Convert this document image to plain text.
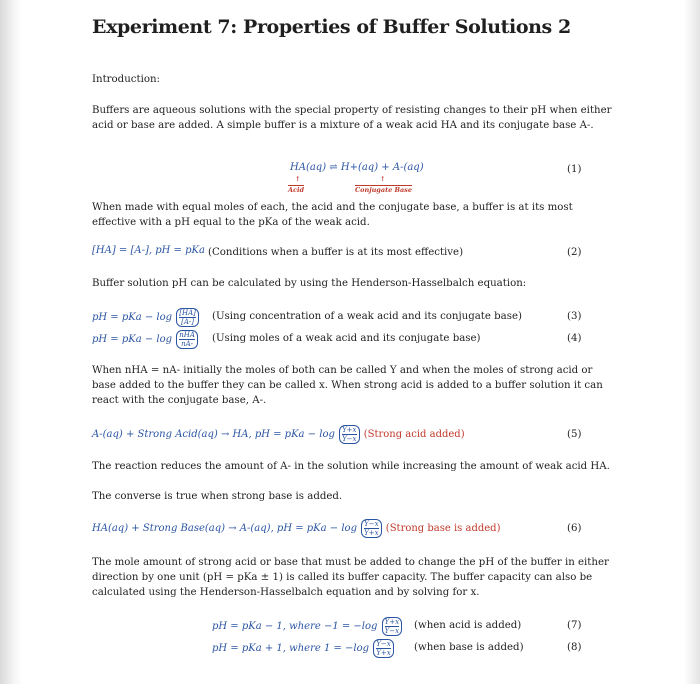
Experiment 7: Properties of Buffer Solutions 2
Introduction:
Buffers are aqueous solutions with the special property of resisting changes to their pH when either acid or base are added. A simple buffer is a mixture of a weak acid HA and its conjugate base A-.
HA(aq) ⇌ H+(aq) + A-(aq)
↑
Acid
↑
Conjugate Base
(1)
When made with equal moles of each, the acid and the conjugate base, a buffer is at its most effective with a pH equal to the pKa of the weak acid.
[HA] = [A-], pH = pKa (Conditions when a buffer is at its most effective)	(2)
Buffer solution pH can be calculated by using the Henderson-Hasselbalch equation:
pH = pKa − $\log \frac{[HA]}{[A-]} (Using$ concentration of a weak acid and its conjugate base)	(3)
pH = pKa − $\log \frac{\text{nHA}}{nA-} (Using$ moles of a weak acid and its conjugate base)	(4)
When nHA = nA- initially the moles of both can be called Y and when the moles of strong acid or base added to the buffer they can be called x. When strong acid is added to a buffer solution it can react with the conjugate base, A-.
A-(aq) + Strong Acid(aq) → HA, pH = pKa − $\log \frac{Y+x}{Y-x}$ (Strong acid added)	(5)
The reaction reduces the amount of A- in the solution while increasing the amount of weak acid HA.
The converse is true when strong base is added.
HA(aq) + Strong Base(aq) → A-(aq), pH = pKa − $\log \frac{Y-x}{Y+x}$ (Strong base is added)	(6)
The mole amount of strong acid or base that must be added to change the pH of the buffer in either direction by one unit (pH = pKa ± 1) is called its buffer capacity. The buffer capacity can also be calculated using the Henderson-Hasselbalch equation and by solving for x.
pH = pKa − 1, where $-1 = -\log \frac{Y+x}{Y-x}$ (when acid is added)	(7)
pH = pKa + 1, where $1 = -\log \frac{Y-x}{Y+x}$ (when base is added)	(8)
